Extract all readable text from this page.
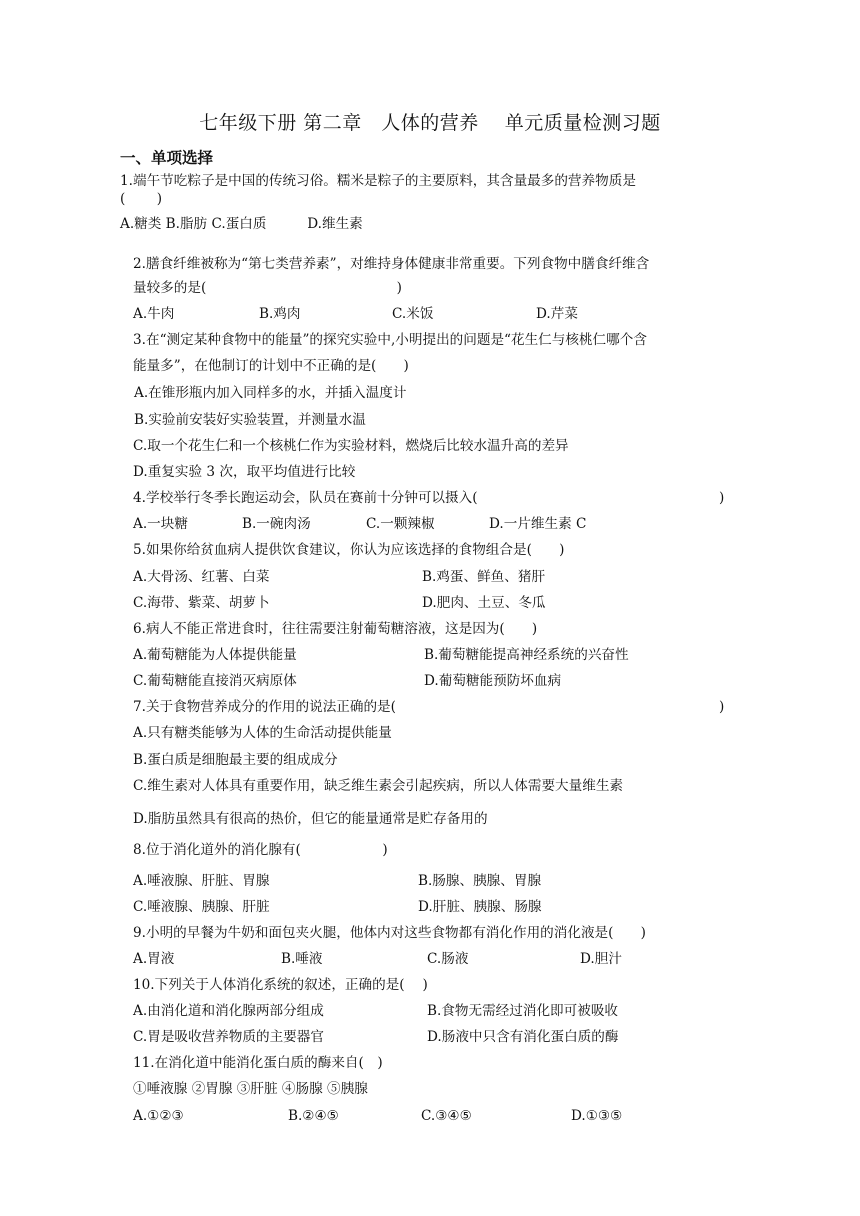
七年级下册 第二章　人体的营养　 单元质量检测习题
一、单项选择
1.端午节吃粽子是中国的传统习俗。糯米是粽子的主要原料，其含量最多的营养物质是
(　　 )
A.糖类 B.脂肪 C.蛋白质　　　D.维生素
2.膳食纤维被称为“第七类营养素”，对维持身体健康非常重要。下列食物中膳食纤维含
量较多的是(　　　　　　　　　　　　　　)
A.牛肉	B.鸡肉	C.米饭	D.芹菜
3.在“测定某种食物中的能量”的探究实验中,小明提出的问题是“花生仁与核桃仁哪个含
能量多”，在他制订的计划中不正确的是(　　)
A.在锥形瓶内加入同样多的水，并插入温度计
B.实验前安装好实验装置，并测量水温
C.取一个花生仁和一个核桃仁作为实验材料，燃烧后比较水温升高的差异
D.重复实验 3 次，取平均值进行比较
4.学校举行冬季长跑运动会，队员在赛前十分钟可以摄入(	)
A.一块糖	B.一碗肉汤	C.一颗辣椒	D.一片维生素 C
5.如果你给贫血病人提供饮食建议，你认为应该选择的食物组合是(　　)
A.大骨汤、红薯、白菜	B.鸡蛋、鲜鱼、猪肝
C.海带、紫菜、胡萝卜	D.肥肉、土豆、冬瓜
6.病人不能正常进食时，往往需要注射葡萄糖溶液，这是因为(　　)
A.葡萄糖能为人体提供能量	B.葡萄糖能提高神经系统的兴奋性
C.葡萄糖能直接消灭病原体	D.葡萄糖能预防坏血病
7.关于食物营养成分的作用的说法正确的是(	)
A.只有糖类能够为人体的生命活动提供能量
B.蛋白质是细胞最主要的组成成分
C.维生素对人体具有重要作用，缺乏维生素会引起疾病，所以人体需要大量维生素
D.脂肪虽然具有很高的热价，但它的能量通常是贮存备用的
8.位于消化道外的消化腺有(　　　　　　)
A.唾液腺、肝脏、胃腺	B.肠腺、胰腺、胃腺
C.唾液腺、胰腺、肝脏	D.肝脏、胰腺、肠腺
9.小明的早餐为牛奶和面包夹火腿，他体内对这些食物都有消化作用的消化液是(　　)
A.胃液	B.唾液	C.肠液	D.胆汁
10.下列关于人体消化系统的叙述，正确的是(　 )
A.由消化道和消化腺两部分组成	B.食物无需经过消化即可被吸收
C.胃是吸收营养物质的主要器官	D.肠液中只含有消化蛋白质的酶
11.在消化道中能消化蛋白质的酶来自(　)
①唾液腺 ②胃腺 ③肝脏 ④肠腺 ⑤胰腺
A.①②③	B.②④⑤	C.③④⑤	D.①③⑤
